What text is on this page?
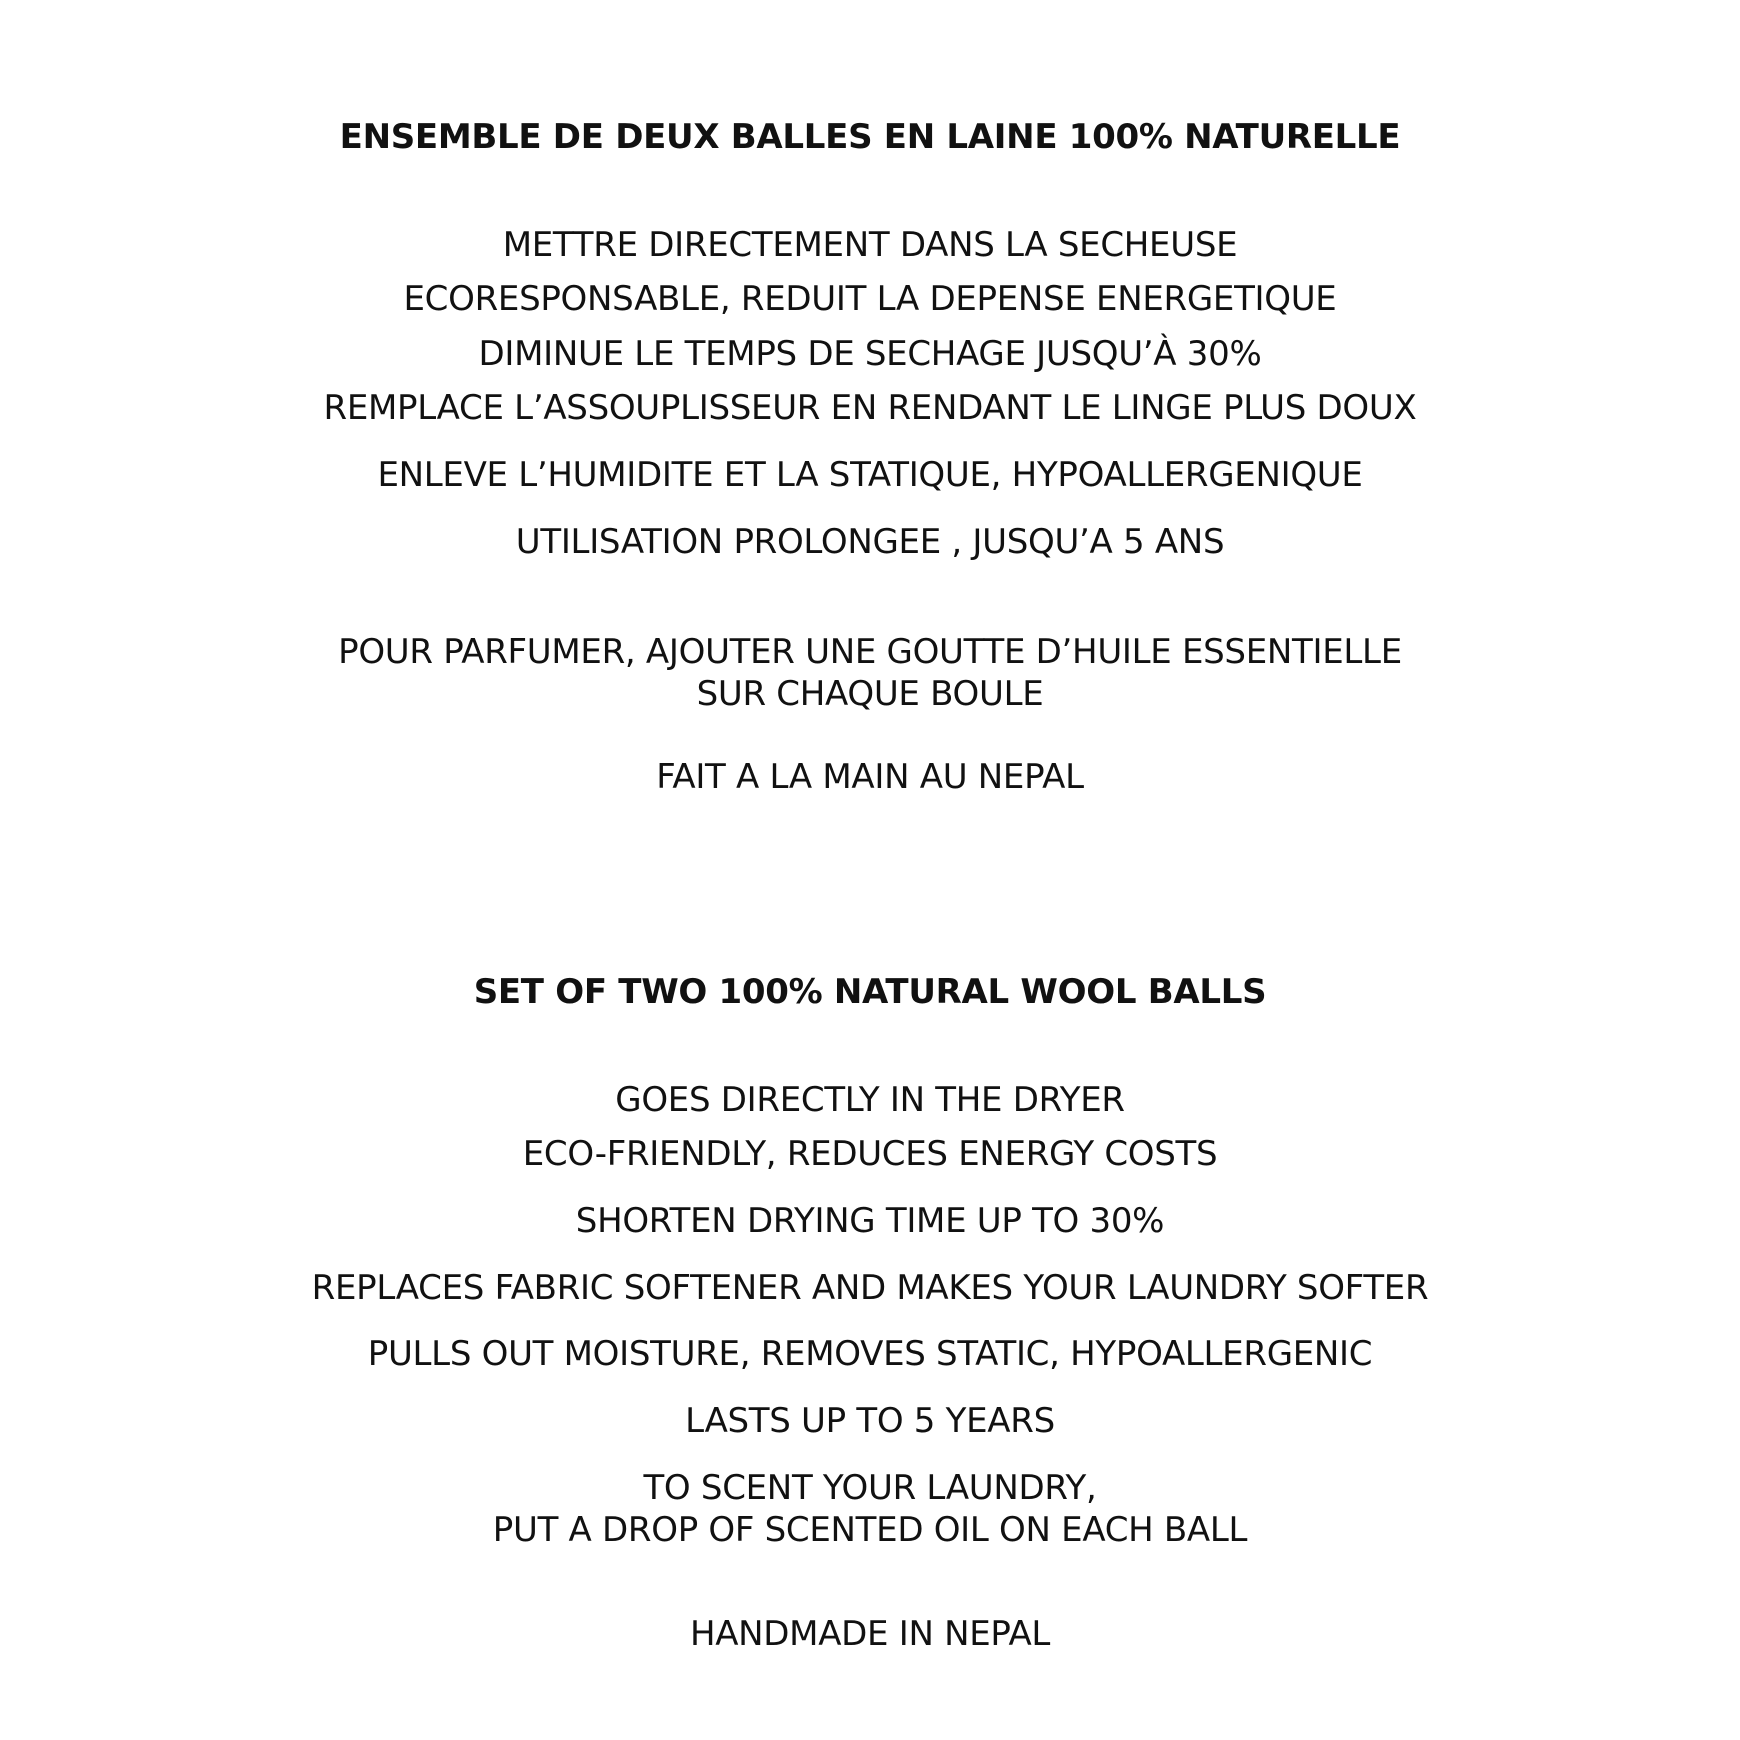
ENSEMBLE DE DEUX BALLES EN LAINE 100% NATURELLE
METTRE DIRECTEMENT DANS LA SECHEUSE
ECORESPONSABLE, REDUIT LA DEPENSE ENERGETIQUE
DIMINUE LE TEMPS DE SECHAGE JUSQU’À 30%
REMPLACE L’ASSOUPLISSEUR EN RENDANT LE LINGE PLUS DOUX
ENLEVE L’HUMIDITE ET LA STATIQUE, HYPOALLERGENIQUE
UTILISATION PROLONGEE , JUSQU’A 5 ANS
POUR PARFUMER, AJOUTER UNE GOUTTE D’HUILE ESSENTIELLE
SUR CHAQUE BOULE
FAIT A LA MAIN AU NEPAL
SET OF TWO 100% NATURAL WOOL BALLS
GOES DIRECTLY IN THE DRYER
ECO-FRIENDLY, REDUCES ENERGY COSTS
SHORTEN DRYING TIME UP TO 30%
REPLACES FABRIC SOFTENER AND MAKES YOUR LAUNDRY SOFTER
PULLS OUT MOISTURE, REMOVES STATIC, HYPOALLERGENIC
LASTS UP TO 5 YEARS
TO SCENT YOUR LAUNDRY,
PUT A DROP OF SCENTED OIL ON EACH BALL
HANDMADE IN NEPAL
